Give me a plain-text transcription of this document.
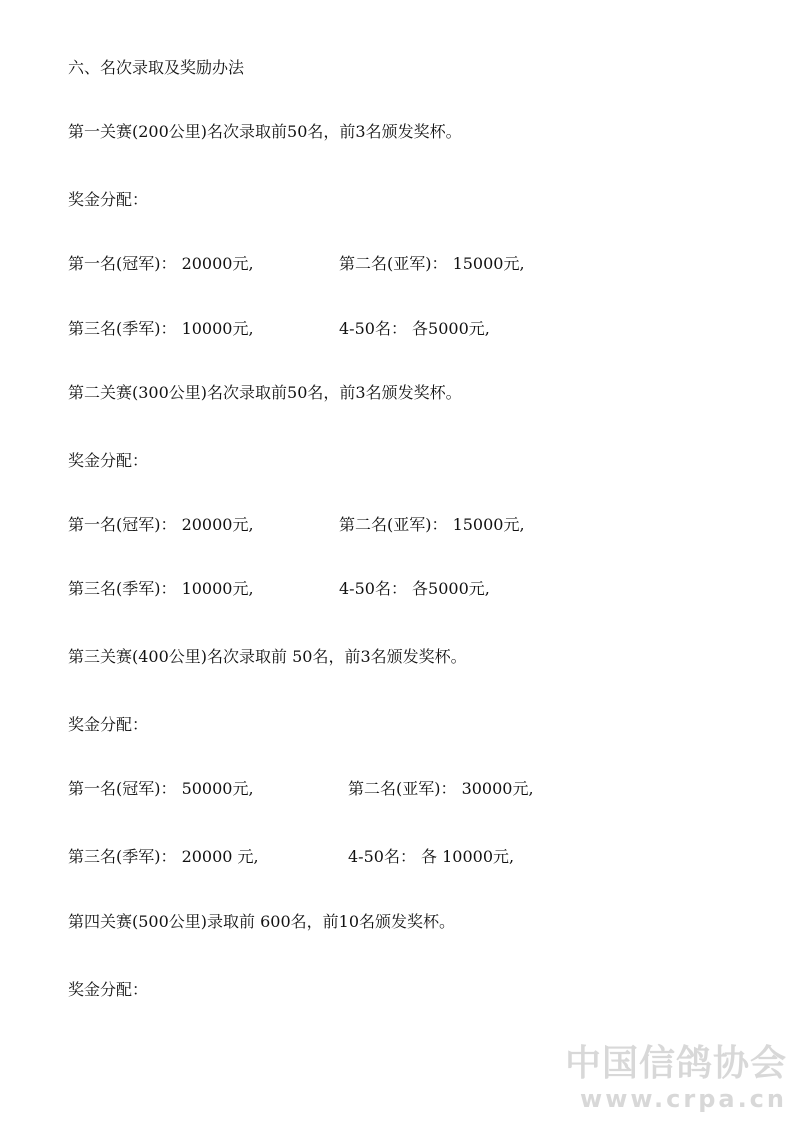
六、名次录取及奖励办法
第一关赛(200公里)名次录取前50名，前3名颁发奖杯。
奖金分配：
第一名(冠军)： 20000元,	第二名(亚军)： 15000元,
第三名(季军)： 10000元,	4-50名： 各5000元,
第二关赛(300公里)名次录取前50名，前3名颁发奖杯。
奖金分配：
第一名(冠军)： 20000元,	第二名(亚军)： 15000元,
第三名(季军)： 10000元,	4-50名： 各5000元,
第三关赛(400公里)名次录取前 50名，前3名颁发奖杯。
奖金分配：
第一名(冠军)： 50000元,	第二名(亚军)： 30000元,
第三名(季军)： 20000 元,	4-50名： 各 10000元,
第四关赛(500公里)录取前 600名，前10名颁发奖杯。
奖金分配：
中国信鸽协会
www.crpa.cn
